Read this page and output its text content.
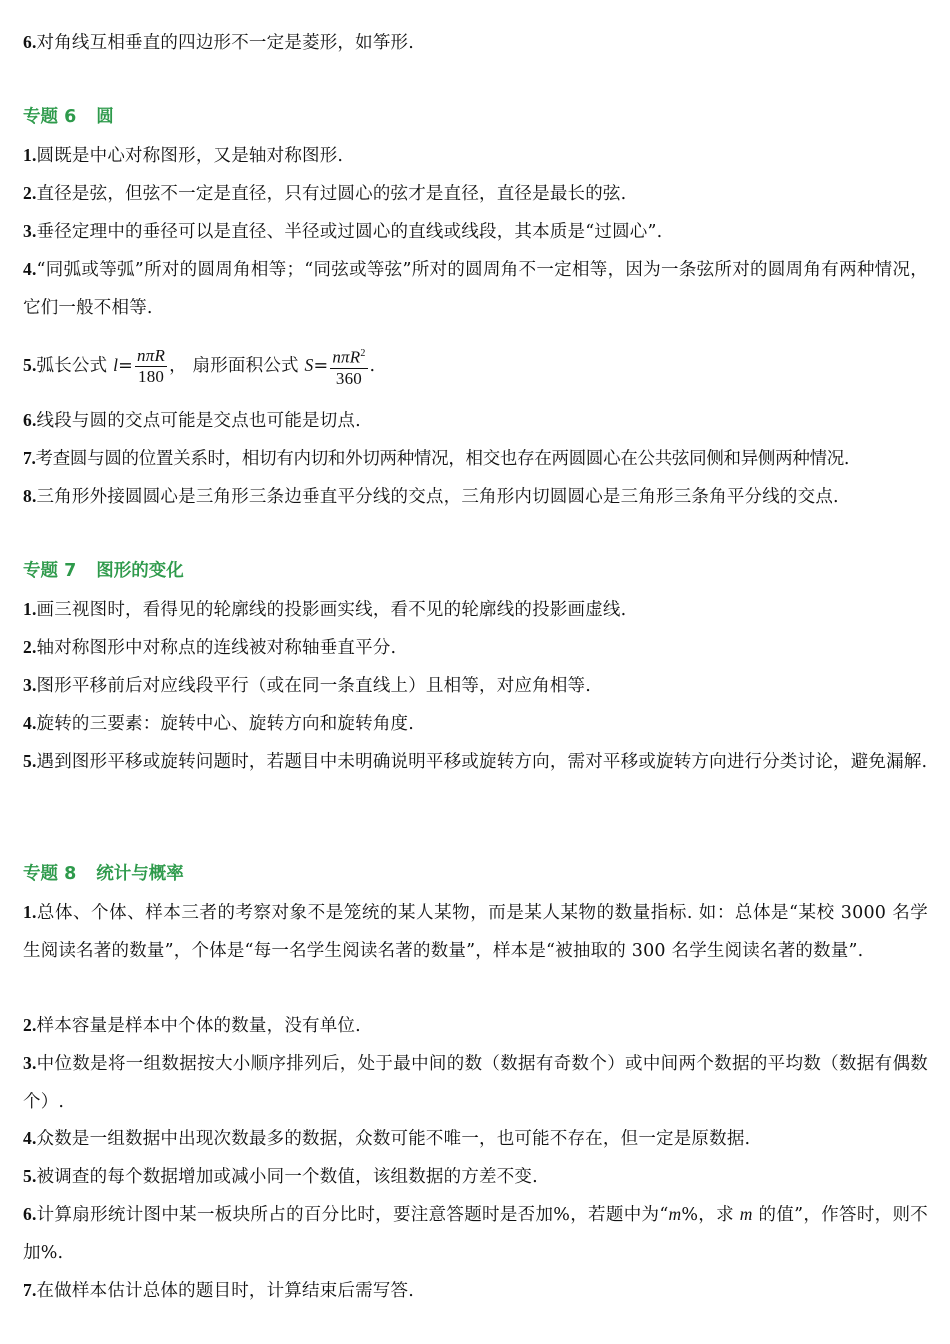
6.对角线互相垂直的四边形不一定是菱形，如筝形.
专题 6 圆
1.圆既是中心对称图形，又是轴对称图形.
2.直径是弦，但弦不一定是直径，只有过圆心的弦才是直径，直径是最长的弦.
3.垂径定理中的垂径可以是直径、半径或过圆心的直线或线段，其本质是“过圆心”.
4.“同弧或等弧”所对的圆周角相等；“同弦或等弦”所对的圆周角不一定相等，因为一条弦所对的圆周角有两种情况，它们一般不相等.
5.弧长公式 $l= \frac{\text{nπR}}{180}$ ， 扇形面积公式 $S= \frac{n\pi R^2}{360}$ .
6.线段与圆的交点可能是交点也可能是切点.
7.考查圆与圆的位置关系时，相切有内切和外切两种情况，相交也存在两圆圆心在公共弦同侧和异侧两种情况.
8.三角形外接圆圆心是三角形三条边垂直平分线的交点，三角形内切圆圆心是三角形三条角平分线的交点.
专题 7 图形的变化
1.画三视图时，看得见的轮廓线的投影画实线，看不见的轮廓线的投影画虚线.
2.轴对称图形中对称点的连线被对称轴垂直平分.
3.图形平移前后对应线段平行（或在同一条直线上）且相等，对应角相等.
4.旋转的三要素：旋转中心、旋转方向和旋转角度.
5.遇到图形平移或旋转问题时，若题目中未明确说明平移或旋转方向，需对平移或旋转方向进行分类讨论，避免漏解.
专题 8 统计与概率
1.总体、个体、样本三者的考察对象不是笼统的某人某物，而是某人某物的数量指标. 如：总体是“某校 3000 名学生阅读名著的数量”，个体是“每一名学生阅读名著的数量”，样本是“被抽取的 300 名学生阅读名著的数量”.
2.样本容量是样本中个体的数量，没有单位.
3.中位数是将一组数据按大小顺序排列后，处于最中间的数（数据有奇数个）或中间两个数据的平均数（数据有偶数个）.
4.众数是一组数据中出现次数最多的数据，众数可能不唯一，也可能不存在，但一定是原数据.
5.被调查的每个数据增加或减小同一个数值，该组数据的方差不变.
6.计算扇形统计图中某一板块所占的百分比时，要注意答题时是否加%，若题中为“m%，求 m 的值”，作答时，则不加%.
7.在做样本估计总体的题目时，计算结束后需写答.
